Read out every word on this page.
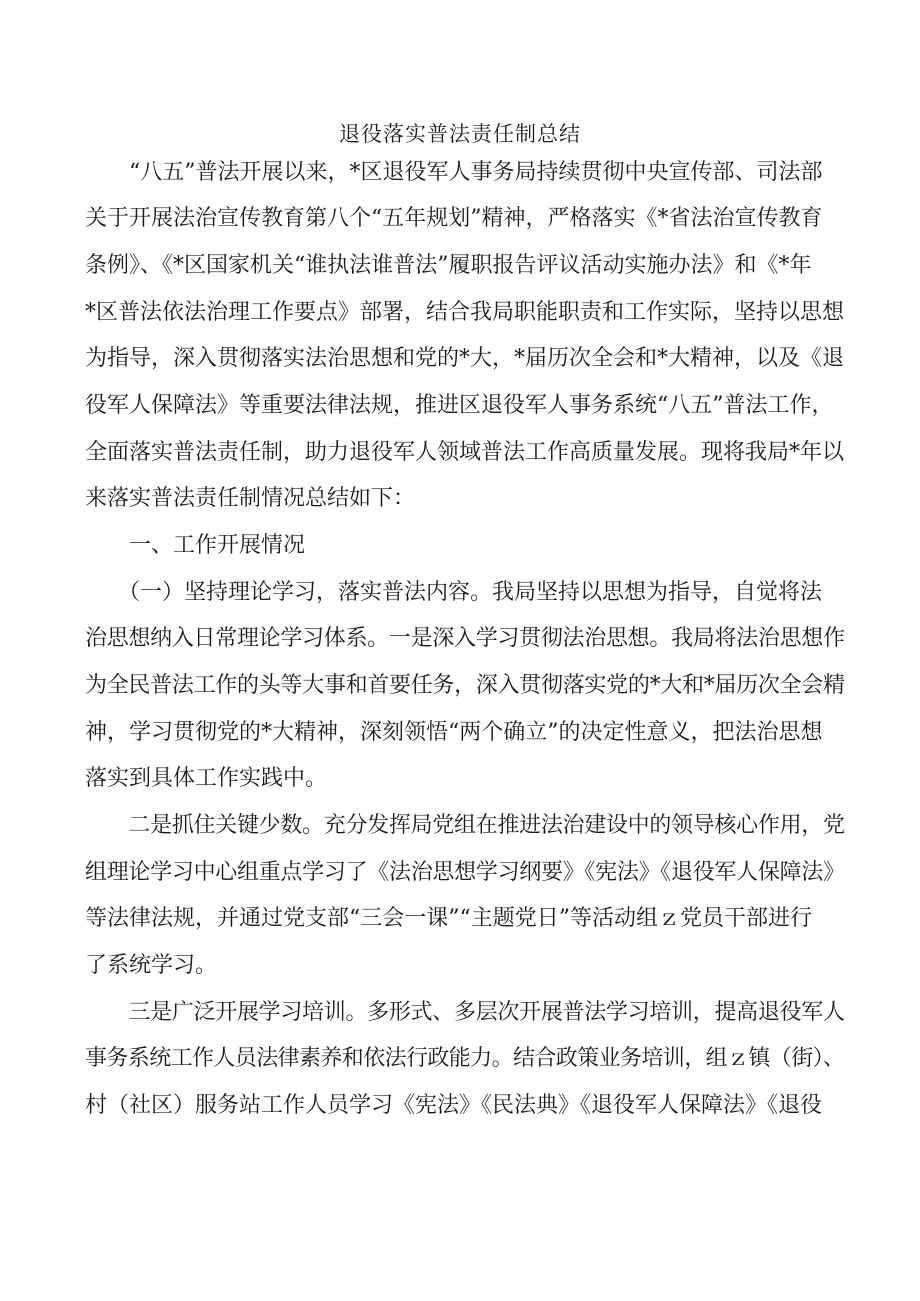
退役落实普法责任制总结

　　“八五”普法开展以来，*区退役军人事务局持续贯彻中央宣传部、司法部

关于开展法治宣传教育第八个“五年规划”精神，严格落实《*省法治宣传教育

条例》、《*区国家机关“谁执法谁普法”履职报告评议活动实施办法》和《*年

*区普法依法治理工作要点》部署，结合我局职能职责和工作实际，坚持以思想

为指导，深入贯彻落实法治思想和党的*大，*届历次全会和*大精神，以及《退

役军人保障法》等重要法律法规，推进区退役军人事务系统“八五”普法工作，

全面落实普法责任制，助力退役军人领域普法工作高质量发展。现将我局*年以

来落实普法责任制情况总结如下：

　　一、工作开展情况

　　（一）坚持理论学习，落实普法内容。我局坚持以思想为指导，自觉将法

治思想纳入日常理论学习体系。一是深入学习贯彻法治思想。我局将法治思想作

为全民普法工作的头等大事和首要任务，深入贯彻落实党的*大和*届历次全会精

神，学习贯彻党的*大精神，深刻领悟“两个确立”的决定性意义，把法治思想

落实到具体工作实践中。

　　二是抓住关键少数。充分发挥局党组在推进法治建设中的领导核心作用，党

组理论学习中心组重点学习了《法治思想学习纲要》《宪法》《退役军人保障法》

等法律法规，并通过党支部“三会一课”“主题党日”等活动组ｚ党员干部进行

了系统学习。

　　三是广泛开展学习培训。多形式、多层次开展普法学习培训，提高退役军人

事务系统工作人员法律素养和依法行政能力。结合政策业务培训，组ｚ镇（街）、

村（社区）服务站工作人员学习《宪法》《民法典》《退役军人保障法》《退役
